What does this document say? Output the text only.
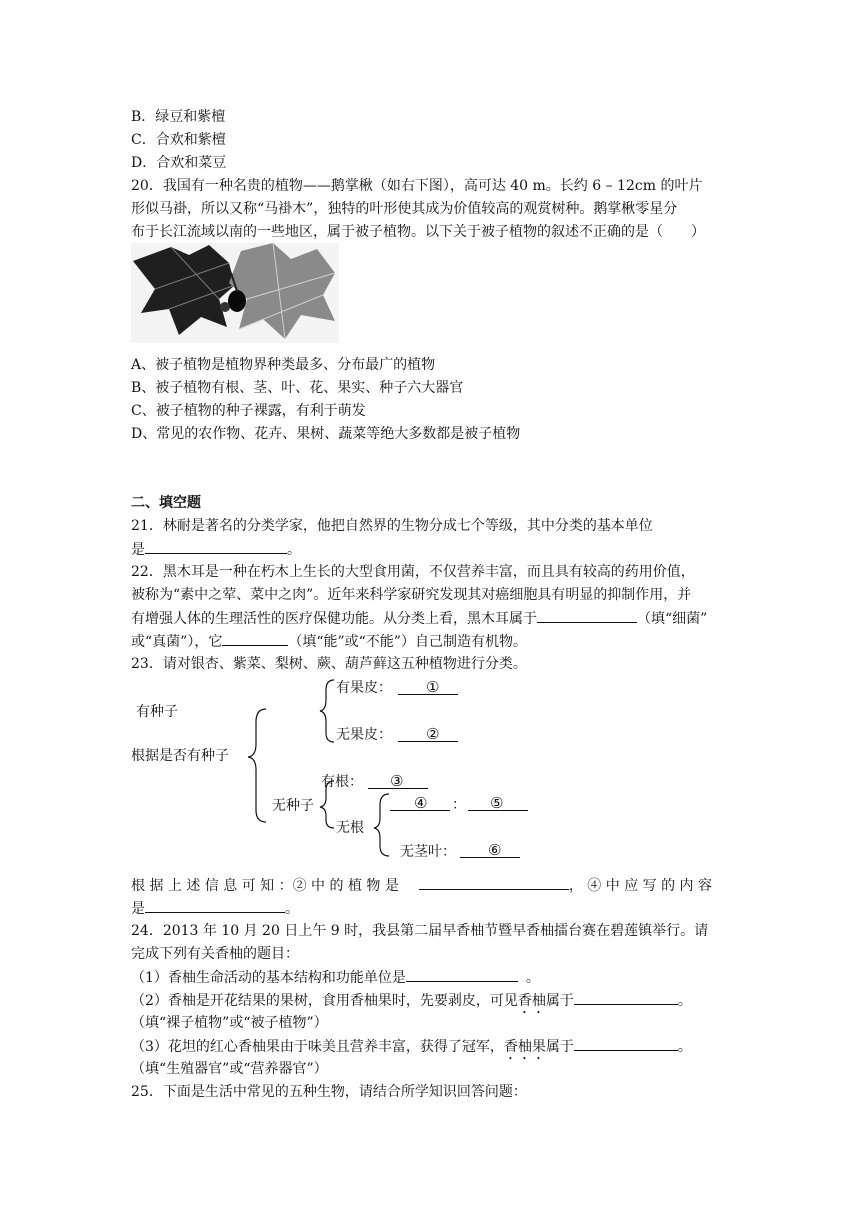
B．绿豆和紫檀
C．合欢和紫檀
D．合欢和菜豆
20．我国有一种名贵的植物——鹅掌楸（如右下图），高可达 40 m。长约 6 – 12cm 的叶片
形似马褂，所以又称“马褂木”，独特的叶形使其成为价值较高的观赏树种。鹅掌楸零星分
布于长江流域以南的一些地区，属于被子植物。以下关于被子植物的叙述不正确的是（　　）
A、被子植物是植物界种类最多、分布最广的植物
B、被子植物有根、茎、叶、花、果实、种子六大器官
C、被子植物的种子裸露，有利于萌发
D、常见的农作物、花卉、果树、蔬菜等绝大多数都是被子植物
二、填空题
21．林耐是著名的分类学家，他把自然界的生物分成七个等级，其中分类的基本单位
是	。
22．黑木耳是一种在朽木上生长的大型食用菌，不仅营养丰富，而且具有较高的药用价值，
被称为“素中之荤、菜中之肉”。近年来科学家研究发现其对癌细胞具有明显的抑制作用，并
有增强人体的生理活性的医疗保健功能。从分类上看，黑木耳属于	（填“细菌”
或“真菌”），它	（填“能”或“不能”）自己制造有机物。
23．请对银杏、紫菜、梨树、蕨、葫芦藓这五种植物进行分类。
有种子
根据是否有种子
有果皮： ①
无果皮： ②
有根： ③
无种子
无根
④ ： ⑤
无茎叶： ⑥
根 据 上 述 信 息 可 知 ：② 中 的 植 物 是	， ④ 中 应 写 的 内 容
是	。
24．2013 年 10 月 20 日上午 9 时，我县第二届早香柚节暨早香柚擂台赛在碧莲镇举行。请
完成下列有关香柚的题目：
（1）香柚生命活动的基本结构和功能单位是	。
（2）香柚是开花结果的果树，食用香柚果时，先要剥皮，可见香柚属于	。
（填“裸子植物”或“被子植物”）
（3）花坦的红心香柚果由于味美且营养丰富，获得了冠军，香柚果属于	。
（填“生殖器官”或“营养器官”）
25．下面是生活中常见的五种生物，请结合所学知识回答问题：
